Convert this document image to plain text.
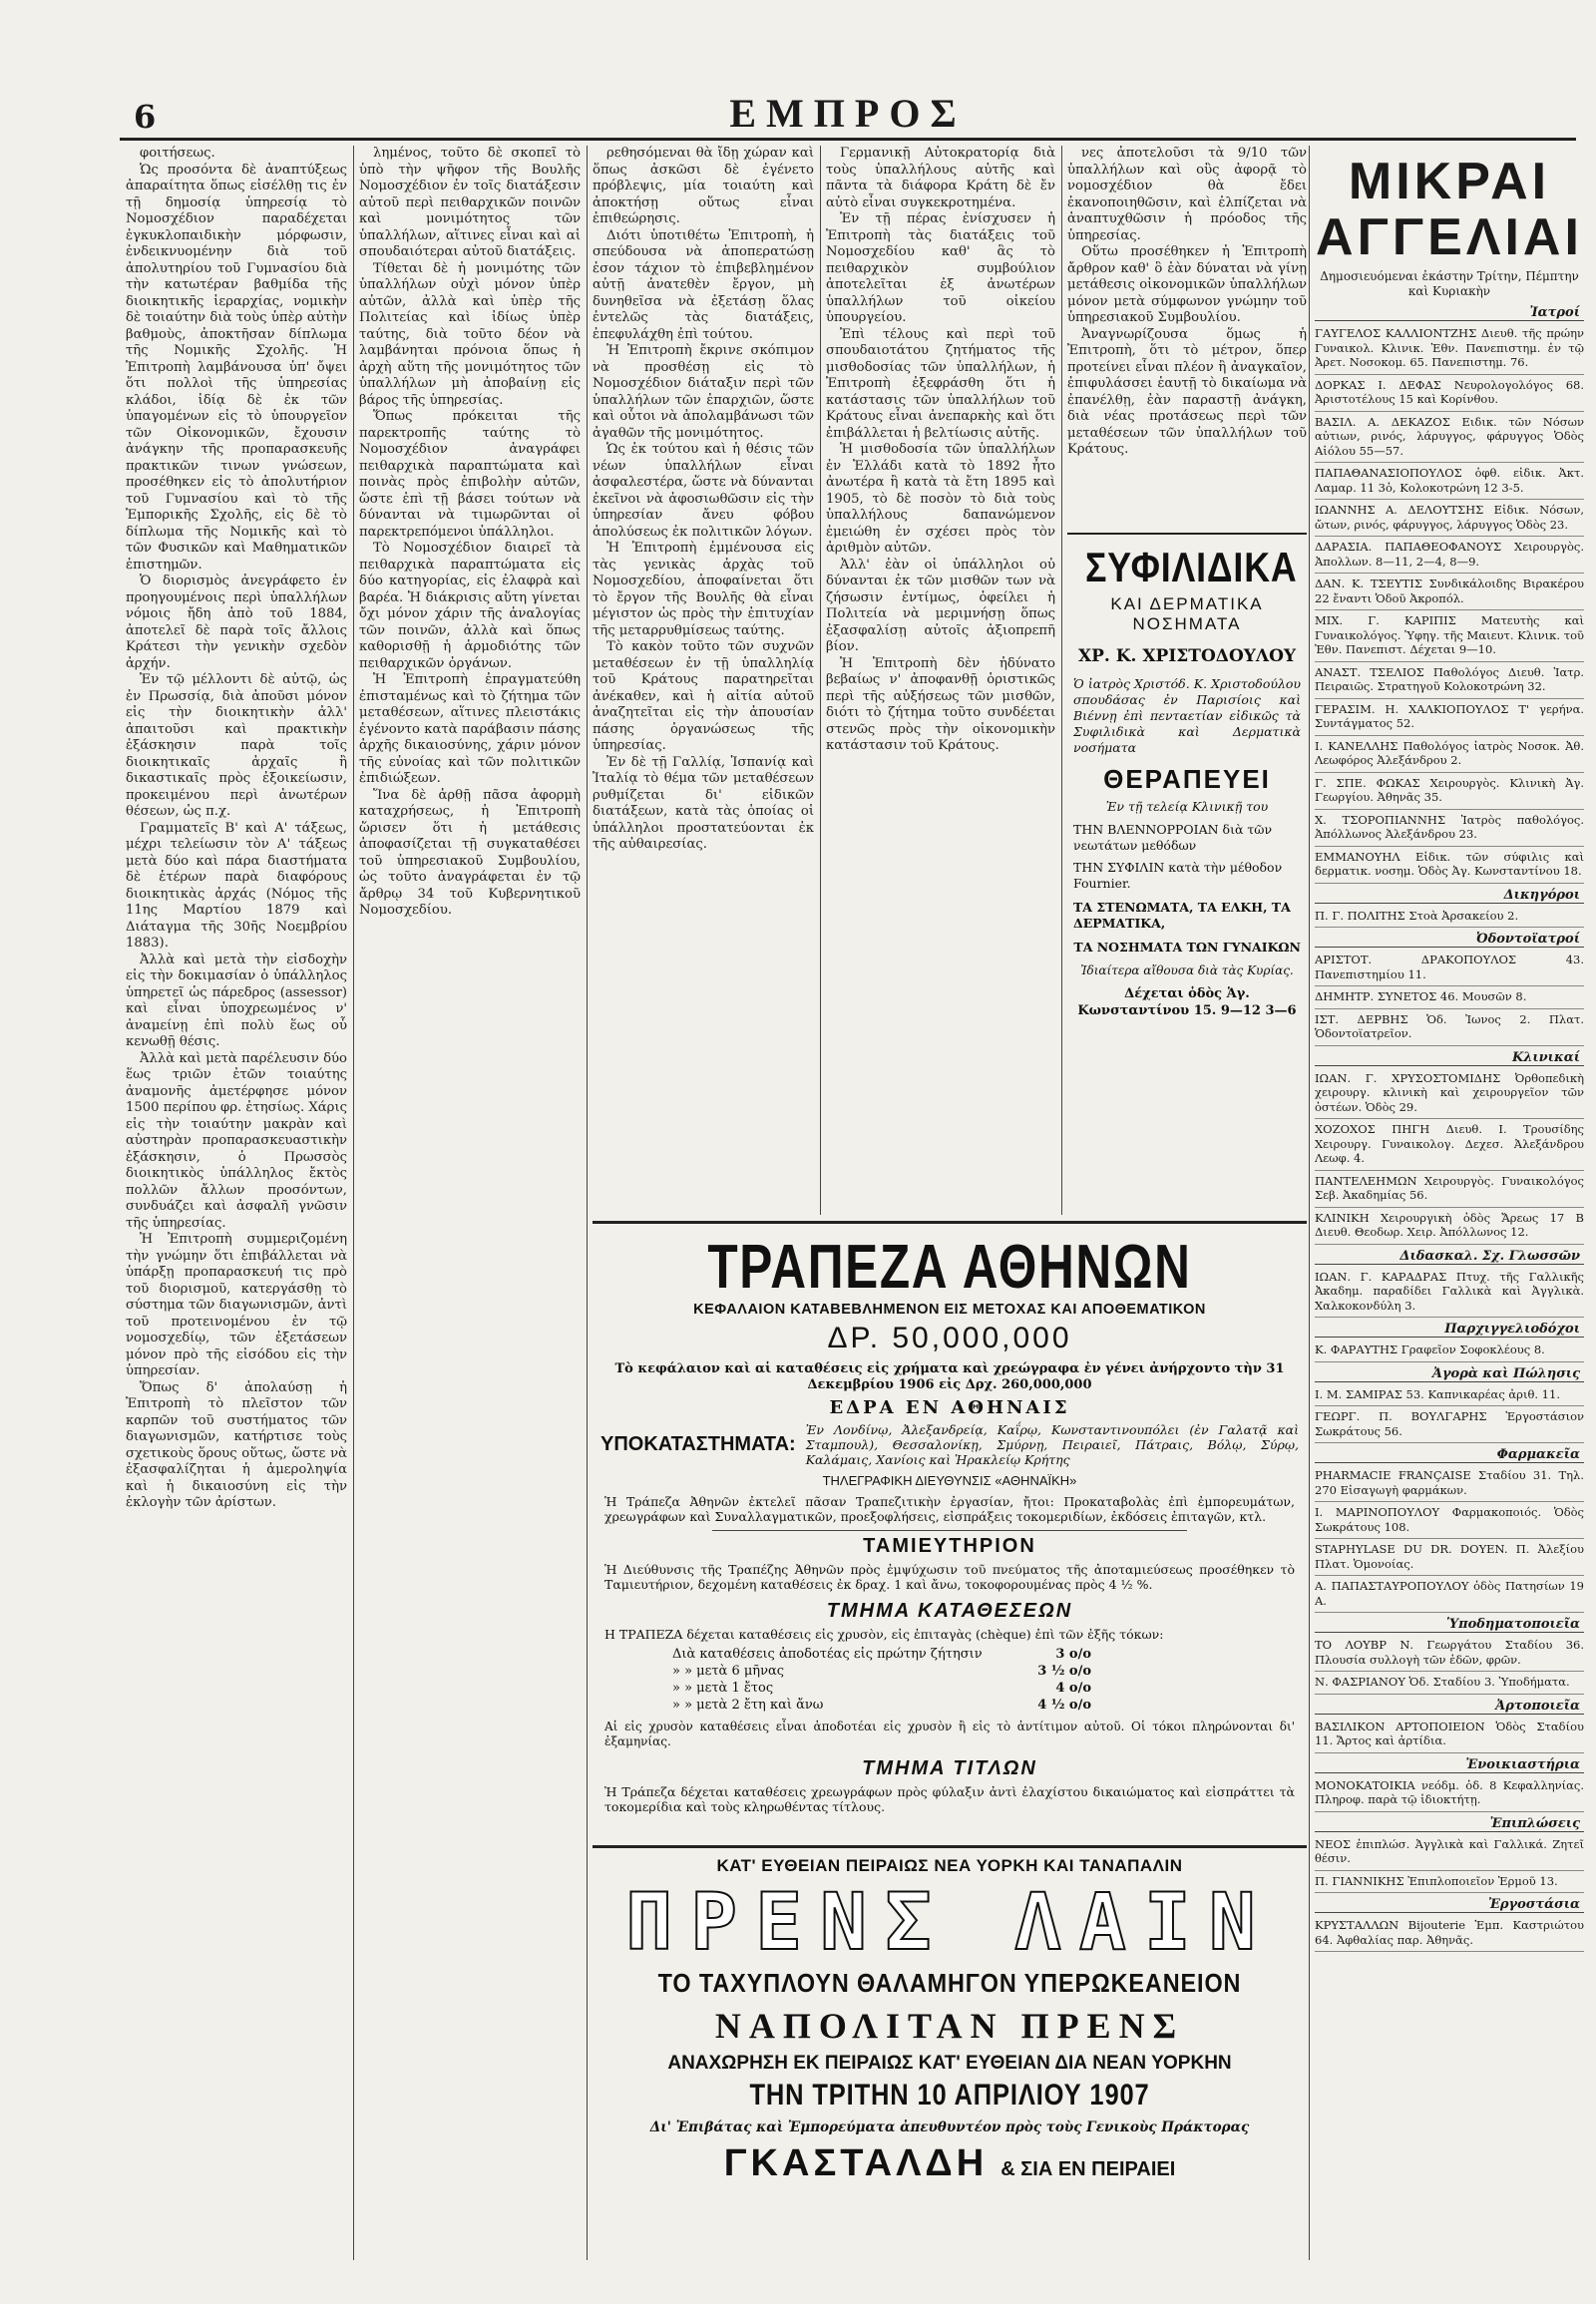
6	ΕΜΠΡΟΣ

φοιτήσεως.

Ὡς προσόντα δὲ ἀναπτύξεως ἀπαραίτητα ὅπως εἰσέλθῃ τις ἐν τῇ δημοσίᾳ ὑπηρεσίᾳ τὸ Νομοσχέδιον παραδέχεται ἐγκυκλοπαιδικὴν μόρφωσιν, ἐνδεικνυομένην διὰ τοῦ ἀπολυτηρίου τοῦ Γυμνασίου διὰ τὴν κατωτέραν βαθμίδα τῆς διοικητικῆς ἱεραρχίας, νομικὴν δὲ τοιαύτην διὰ τοὺς ὑπὲρ αὐτὴν βαθμοὺς, ἀποκτῆσαν δίπλωμα τῆς Νομικῆς Σχολῆς. Ἡ Ἐπιτροπὴ λαμβάνουσα ὑπ' ὄψει ὅτι πολλοὶ τῆς ὑπηρεσίας κλάδοι, ἰδίᾳ δὲ ἐκ τῶν ὑπαγομένων εἰς τὸ ὑπουργεῖον τῶν Οἰκονομικῶν, ἔχουσιν ἀνάγκην τῆς προπαρασκευῆς πρακτικῶν τινων γνώσεων, προσέθηκεν εἰς τὸ ἀπολυτήριον τοῦ Γυμνασίου καὶ τὸ τῆς Ἐμπορικῆς Σχολῆς, εἰς δὲ τὸ δίπλωμα τῆς Νομικῆς καὶ τὸ τῶν Φυσικῶν καὶ Μαθηματικῶν ἐπιστημῶν.

Ὁ διορισμὸς ἀνεγράφετο ἐν προηγουμένοις περὶ ὑπαλλήλων νόμοις ἤδη ἀπὸ τοῦ 1884, ἀποτελεῖ δὲ παρὰ τοῖς ἄλλοις Κράτεσι τὴν γενικὴν σχεδὸν ἀρχήν.

Ἐν τῷ μέλλοντι δὲ αὐτῷ, ὡς ἐν Πρωσσίᾳ, διὰ ἀποῦσι μόνον εἰς τὴν διοικητικὴν ἀλλ' ἀπαιτοῦσι καὶ πρακτικὴν ἐξάσκησιν παρὰ τοῖς διοικητικαῖς ἀρχαῖς ἢ δικαστικαῖς πρὸς ἐξοικείωσιν, προκειμένου περὶ ἀνωτέρων θέσεων, ὡς π.χ.

Γραμματεῖς Β' καὶ Α' τάξεως, μέχρι τελείωσιν τὸν Α' τάξεως μετὰ δύο καὶ πάρα διαστήματα δὲ ἑτέρων παρὰ διαφόρους διοικητικὰς ἀρχάς (Νόμος τῆς 11ης Μαρτίου 1879 καὶ Διάταγμα τῆς 30ῆς Νοεμβρίου 1883).

Ἀλλὰ καὶ μετὰ τὴν εἰσδοχὴν εἰς τὴν δοκιμασίαν ὁ ὑπάλληλος ὑπηρετεῖ ὡς πάρεδρος (assessor) καὶ εἶναι ὑποχρεωμένος ν' ἀναμείνῃ ἐπὶ πολὺ ἕως οὗ κενωθῇ θέσις.

Ἀλλὰ καὶ μετὰ παρέλευσιν δύο ἕως τριῶν ἐτῶν τοιαύτης ἀναμονῆς ἀμετέρφησε μόνον 1500 περίπου φρ. ἐτησίως. Χάρις εἰς τὴν τοιαύτην μακρὰν καὶ αὐστηρὰν προπαρασκευαστικὴν ἐξάσκησιν, ὁ Πρωσσὸς διοικητικὸς ὑπάλληλος ἔκτὸς πολλῶν ἄλλων προσόντων, συνδυάζει καὶ ἀσφαλῆ γνῶσιν τῆς ὑπηρεσίας.

Ἡ Ἐπιτροπὴ συμμεριζομένη τὴν γνώμην ὅτι ἐπιβάλλεται νὰ ὑπάρξῃ προπαρασκευή τις πρὸ τοῦ διορισμοῦ, κατεργάσθῃ τὸ σύστημα τῶν διαγωνισμῶν, ἀντὶ τοῦ προτεινομένου ἐν τῷ νομοσχεδίῳ, τῶν ἐξετάσεων μόνον πρὸ τῆς εἰσόδου εἰς τὴν ὑπηρεσίαν.

Ὅπως δ' ἀπολαύσῃ ἡ Ἐπιτροπὴ τὸ πλεῖστον τῶν καρπῶν τοῦ συστήματος τῶν διαγωνισμῶν, κατήρτισε τοὺς σχετικοὺς ὅρους οὕτως, ὥστε νὰ ἐξασφαλίζηται ἡ ἀμεροληψία καὶ ἡ δικαιοσύνη εἰς τὴν ἐκλογὴν τῶν ἀρίστων.

λημένος, τοῦτο δὲ σκοπεῖ τὸ ὑπὸ τὴν ψῆφον τῆς Βουλῆς Νομοσχέδιον ἐν τοῖς διατάξεσιν αὐτοῦ περὶ πειθαρχικῶν ποινῶν καὶ μονιμότητος τῶν ὑπαλλήλων, αἵτινες εἶναι καὶ αἱ σπουδαιότεραι αὐτοῦ διατάξεις.

Τίθεται δὲ ἡ μονιμότης τῶν ὑπαλλήλων οὐχὶ μόνον ὑπὲρ αὐτῶν, ἀλλὰ καὶ ὑπὲρ τῆς Πολιτείας καὶ ἰδίως ὑπὲρ ταύτης, διὰ τοῦτο δέον νὰ λαμβάνηται πρόνοια ὅπως ἡ ἀρχὴ αὕτη τῆς μονιμότητος τῶν ὑπαλλήλων μὴ ἀποβαίνῃ εἰς βάρος τῆς ὑπηρεσίας.

Ὅπως πρόκειται τῆς παρεκτροπῆς ταύτης τὸ Νομοσχέδιον ἀναγράφει πειθαρχικὰ παραπτώματα καὶ ποινὰς πρὸς ἐπιβολὴν αὐτῶν, ὥστε ἐπὶ τῇ βάσει τούτων νὰ δύνανται νὰ τιμωρῶνται οἱ παρεκτρεπόμενοι ὑπάλληλοι.

Τὸ Νομοσχέδιον διαιρεῖ τὰ πειθαρχικὰ παραπτώματα εἰς δύο κατηγορίας, εἰς ἐλαφρὰ καὶ βαρέα. Ἡ διάκρισις αὕτη γίνεται ὄχι μόνον χάριν τῆς ἀναλογίας τῶν ποινῶν, ἀλλὰ καὶ ὅπως καθορισθῇ ἡ ἁρμοδιότης τῶν πειθαρχικῶν ὀργάνων.

Ἡ Ἐπιτροπὴ ἐπραγματεύθη ἐπισταμένως καὶ τὸ ζήτημα τῶν μεταθέσεων, αἵτινες πλειστάκις ἐγένοντο κατὰ παράβασιν πάσης ἀρχῆς δικαιοσύνης, χάριν μόνον τῆς εὐνοίας καὶ τῶν πολιτικῶν ἐπιδιώξεων.

Ἵνα δὲ ἀρθῇ πᾶσα ἀφορμὴ καταχρήσεως, ἡ Ἐπιτροπὴ ὥρισεν ὅτι ἡ μετάθεσις ἀποφασίζεται τῇ συγκαταθέσει τοῦ ὑπηρεσιακοῦ Συμβουλίου, ὡς τοῦτο ἀναγράφεται ἐν τῷ ἄρθρῳ 34 τοῦ Κυβερνητικοῦ Νομοσχεδίου.

ρεθησόμεναι θὰ ἴδῃ χώραν καὶ ὅπως ἀσκῶσι δὲ ἐγένετο πρόβλεψις, μία τοιαύτη καὶ ἀποκτήσῃ οὕτως εἶναι ἐπιθεώρησις.

Διότι ὑποτιθέτω Ἐπιτροπὴ, ἡ σπεύδουσα νὰ ἀποπερατώσῃ ἐσον τάχιον τὸ ἐπιβεβλημένον αὐτῇ ἀνατεθὲν ἔργον, μὴ δυνηθεῖσα νὰ ἐξετάσῃ ὅλας ἐντελῶς τὰς διατάξεις, ἐπεφυλάχθη ἐπὶ τούτου.

Ἡ Ἐπιτροπὴ ἔκρινε σκόπιμον νὰ προσθέσῃ εἰς τὸ Νομοσχέδιον διάταξιν περὶ τῶν ὑπαλλήλων τῶν ἐπαρχιῶν, ὥστε καὶ οὗτοι νὰ ἀπολαμβάνωσι τῶν ἀγαθῶν τῆς μονιμότητος.

Ὡς ἐκ τούτου καὶ ἡ θέσις τῶν νέων ὑπαλλήλων εἶναι ἀσφαλεστέρα, ὥστε νὰ δύνανται ἐκεῖνοι νὰ ἀφοσιωθῶσιν εἰς τὴν ὑπηρεσίαν ἄνευ φόβου ἀπολύσεως ἐκ πολιτικῶν λόγων.

Ἡ Ἐπιτροπὴ ἐμμένουσα εἰς τὰς γενικὰς ἀρχὰς τοῦ Νομοσχεδίου, ἀποφαίνεται ὅτι τὸ ἔργον τῆς Βουλῆς θὰ εἶναι μέγιστον ὡς πρὸς τὴν ἐπιτυχίαν τῆς μεταρρυθμίσεως ταύτης.

Τὸ κακὸν τοῦτο τῶν συχνῶν μεταθέσεων ἐν τῇ ὑπαλληλίᾳ τοῦ Κράτους παρατηρεῖται ἀνέκαθεν, καὶ ἡ αἰτία αὐτοῦ ἀναζητεῖται εἰς τὴν ἀπουσίαν πάσης ὀργανώσεως τῆς ὑπηρεσίας.

Ἐν δὲ τῇ Γαλλίᾳ, Ἰσπανίᾳ καὶ Ἰταλίᾳ τὸ θέμα τῶν μεταθέσεων ρυθμίζεται δι' εἰδικῶν διατάξεων, κατὰ τὰς ὁποίας οἱ ὑπάλληλοι προστατεύονται ἐκ τῆς αὐθαιρεσίας.

Γερμανικῇ Αὐτοκρατορίᾳ διὰ τοὺς ὑπαλλήλους αὐτῆς καὶ πᾶντα τὰ διάφορα Κράτη δὲ ἔν αὐτὸ εἶναι συγκεκροτημένα.

Ἐν τῇ πέρας ἐνίσχυσεν ἡ Ἐπιτροπὴ τὰς διατάξεις τοῦ Νομοσχεδίου καθ' ἃς τὸ πειθαρχικὸν συμβούλιον ἀποτελεῖται ἐξ ἀνωτέρων ὑπαλλήλων τοῦ οἰκείου ὑπουργείου.

Ἐπὶ τέλους καὶ περὶ τοῦ σπουδαιοτάτου ζητήματος τῆς μισθοδοσίας τῶν ὑπαλλήλων, ἡ Ἐπιτροπὴ ἐξεφράσθη ὅτι ἡ κατάστασις τῶν ὑπαλλήλων τοῦ Κράτους εἶναι ἀνεπαρκὴς καὶ ὅτι ἐπιβάλλεται ἡ βελτίωσις αὐτῆς.

Ἡ μισθοδοσία τῶν ὑπαλλήλων ἐν Ἑλλάδι κατὰ τὸ 1892 ἦτο ἀνωτέρα ἢ κατὰ τὰ ἔτη 1895 καὶ 1905, τὸ δὲ ποσὸν τὸ διὰ τοὺς ὑπαλλήλους δαπανώμενον ἐμειώθη ἐν σχέσει πρὸς τὸν ἀριθμὸν αὐτῶν.

Ἀλλ' ἐὰν οἱ ὑπάλληλοι οὐ δύνανται ἐκ τῶν μισθῶν των νὰ ζήσωσιν ἐντίμως, ὀφείλει ἡ Πολιτεία νὰ μεριμνήσῃ ὅπως ἐξασφαλίσῃ αὐτοῖς ἀξιοπρεπῆ βίον.

Ἡ Ἐπιτροπὴ δὲν ἠδύνατο βεβαίως ν' ἀποφανθῇ ὁριστικῶς περὶ τῆς αὐξήσεως τῶν μισθῶν, διότι τὸ ζήτημα τοῦτο συνδέεται στενῶς πρὸς τὴν οἰκονομικὴν κατάστασιν τοῦ Κράτους.

νες ἀποτελοῦσι τὰ 9/10 τῶν ὑπαλλήλων καὶ οὓς ἀφορᾷ τὸ νομοσχέδιον θὰ ἔδει ἐκανοποιηθῶσιν, καὶ ἐλπίζεται νὰ ἀναπτυχθῶσιν ἡ πρόοδος τῆς ὑπηρεσίας.

Οὕτω προσέθηκεν ἡ Ἐπιτροπὴ ἄρθρον καθ' ὃ ἐὰν δύναται νὰ γίνῃ μετάθεσις οἰκονομικῶν ὑπαλλήλων μόνον μετὰ σύμφωνον γνώμην τοῦ ὑπηρεσιακοῦ Συμβουλίου.

Ἀναγνωρίζουσα ὅμως ἡ Ἐπιτροπὴ, ὅτι τὸ μέτρον, ὅπερ προτείνει εἶναι πλέον ἢ ἀναγκαῖον, ἐπιφυλάσσει ἑαυτῇ τὸ δικαίωμα νὰ ἐπανέλθῃ, ἐὰν παραστῇ ἀνάγκη, διὰ νέας προτάσεως περὶ τῶν μεταθέσεων τῶν ὑπαλλήλων τοῦ Κράτους.

ΣΥΦΙΛΙΔΙΚΑ
ΚΑΙ ΔΕΡΜΑΤΙΚΑ ΝΟΣΗΜΑΤΑ
ΧΡ. Κ. ΧΡΙΣΤΟΔΟΥΛΟΥ
Ὁ ἰατρὸς Χριστόδ. Κ. Χριστοδούλου σπουδάσας ἐν Παρισίοις καὶ Βιέννῃ ἐπὶ πενταετίαν εἰδικῶς τὰ Συφιλιδικὰ καὶ Δερματικὰ νοσήματα
ΘΕΡΑΠΕΥΕΙ
Ἐν τῇ τελείᾳ Κλινικῇ του
ΤΗΝ ΒΛΕΝΝΟΡΡΟΙΑΝ διὰ τῶν νεωτάτων μεθόδων
ΤΗΝ ΣΥΦΙΛΙΝ κατὰ τὴν μέθοδον Fournier.
ΤΑ ΣΤΕΝΩΜΑΤΑ, ΤΑ ΕΛΚΗ, ΤΑ ΔΕΡΜΑΤΙΚΑ,
ΤΑ ΝΟΣΗΜΑΤΑ ΤΩΝ ΓΥΝΑΙΚΩΝ
Ἰδιαίτερα αἴθουσα διὰ τὰς Κυρίας.
Δέχεται ὁδὸς Ἁγ. Κωνσταντίνου 15. 9—12 3—6
ΤΡΑΠΕΖΑ ΑΘΗΝΩΝ
ΚΕΦΑΛΑΙΟΝ ΚΑΤΑΒΕΒΛΗΜΕΝΟΝ ΕΙΣ ΜΕΤΟΧΑΣ ΚΑΙ ΑΠΟΘΕΜΑΤΙΚΟΝ
ΔΡ. 50,000,000
Τὸ κεφάλαιον καὶ αἱ καταθέσεις εἰς χρήματα καὶ χρεώγραφα ἐν γένει ἀνήρχοντο τὴν 31 Δεκεμβρίου 1906 εἰς Δρχ. 260,000,000
ΕΔΡΑ ΕΝ ΑΘΗΝΑΙΣ
ΥΠΟΚΑΤΑΣΤΗΜΑΤΑ:
Ἐν Λονδίνῳ, Ἀλεξανδρείᾳ, Καΐρῳ, Κωνσταντινουπόλει (ἐν Γαλατᾷ καὶ Σταμπουλ), Θεσσαλονίκῃ, Σμύρνῃ, Πειραιεῖ, Πάτραις, Βόλῳ, Σύρῳ, Καλάμαις, Χανίοις καὶ Ἡρακλείῳ Κρήτης
ΤΗΛΕΓΡΑΦΙΚΗ ΔΙΕΥΘΥΝΣΙΣ «ΑΘΗΝΑΪΚΗ»
Ἡ Τράπεζα Ἀθηνῶν ἐκτελεῖ πᾶσαν Τραπεζιτικὴν ἐργασίαν, ἤτοι: Προκαταβολὰς ἐπὶ ἐμπορευμάτων, χρεωγράφων καὶ Συναλλαγματικῶν, προεξοφλήσεις, εἰσπράξεις τοκομεριδίων, ἐκδόσεις ἐπιταγῶν, κτλ.
ΤΑΜΙΕΥΤΗΡΙΟΝ
Ἡ Διεύθυνσις τῆς Τραπέζης Ἀθηνῶν πρὸς ἐμψύχωσιν τοῦ πνεύματος τῆς ἀποταμιεύσεως προσέθηκεν τὸ Ταμιευτήριον, δεχομένη καταθέσεις ἐκ δραχ. 1 καὶ ἄνω, τοκοφορουμένας πρὸς 4 ½ %.
ΤΜΗΜΑ ΚΑΤΑΘΕΣΕΩΝ
Η ΤΡΑΠΕΖΑ δέχεται καταθέσεις εἰς χρυσὸν, εἰς ἐπιταγὰς (chèque) ἐπὶ τῶν ἐξῆς τόκων:
Διὰ καταθέσεις ἀποδοτέας εἰς πρώτην ζήτησιν	3 ο/ο
» » μετὰ 6 μῆνας	3 ½ ο/ο
» » μετὰ 1 ἔτος	4 ο/ο
» » μετὰ 2 ἔτη καὶ ἄνω	4 ½ ο/ο
Αἱ εἰς χρυσὸν καταθέσεις εἶναι ἀποδοτέαι εἰς χρυσὸν ἢ εἰς τὸ ἀντίτιμον αὐτοῦ. Οἱ τόκοι πληρώνονται δι' ἐξαμηνίας.
ΤΜΗΜΑ ΤΙΤΛΩΝ
Ἡ Τράπεζα δέχεται καταθέσεις χρεωγράφων πρὸς φύλαξιν ἀντὶ ἐλαχίστου δικαιώματος καὶ εἰσπράττει τὰ τοκομερίδια καὶ τοὺς κληρωθέντας τίτλους.
ΚΑΤ' ΕΥΘΕΙΑΝ ΠΕΙΡΑΙΩΣ ΝΕΑ ΥΟΡΚΗ ΚΑΙ ΤΑΝΑΠΑΛΙΝ
ΠΡΕΝΣ ΛΑΙΝ
ΤΟ ΤΑΧΥΠΛΟΥΝ ΘΑΛΑΜΗΓΟΝ ΥΠΕΡΩΚΕΑΝΕΙΟΝ
ΝΑΠΟΛΙΤΑΝ ΠΡΕΝΣ
ΑΝΑΧΩΡΗΣΗ ΕΚ ΠΕΙΡΑΙΩΣ ΚΑΤ' ΕΥΘΕΙΑΝ ΔΙΑ ΝΕΑΝ ΥΟΡΚΗΝ
ΤΗΝ ΤΡΙΤΗΝ 10 ΑΠΡΙΛΙΟΥ 1907
Δι' Ἐπιβάτας καὶ Ἐμπορεύματα ἀπευθυντέον πρὸς τοὺς Γενικοὺς Πράκτορας
ΓΚΑΣΤΑΛΔΗ & ΣΙΑ ΕΝ ΠΕΙΡΑΙΕΙ
ΜΙΚΡΑΙ ΑΓΓΕΛΙΑΙ
Δημοσιευόμεναι ἐκάστην Τρίτην, Πέμπτην καὶ Κυριακὴν
Ἰατροί
ΓΑΥΓΕΛΟΣ ΚΑΛΛΙΟΝΤΖΗΣ Διευθ. τῆς πρώην Γυναικολ. Κλινικ. Ἐθν. Πανεπιστημ. ἐν τῷ Ἀρετ. Νοσοκομ. 65. Πανεπιστημ. 76.
ΔΟΡΚΑΣ Ι. ΔΕΦΑΣ Νευρολογολόγος 68. Ἀριστοτέλους 15 καὶ Κορίνθου.
ΒΑΣΙΛ. Α. ΔΕΚΑΖΟΣ Ειδικ. τῶν Νόσων αὐτιων, ρινός, λάρυγγος, φάρυγγος Ὁδὸς Αἰόλου 55—57.
ΠΑΠΑΘΑΝΑΣΙΟΠΟΥΛΟΣ ὀφθ. εἰδικ. Ἀκτ. Λαμαρ. 11 3ὁ, Κολοκοτρώνη 12 3-5.
ΙΩΑΝΝΗΣ Α. ΔΕΛΟΥΤΣΗΣ Εἰδικ. Νόσων, ὤτων, ρινός, φάρυγγος, λάρυγγος Ὁδὸς 23.
ΔΑΡΑΣΙΑ. ΠΑΠΑΘΕΟΦΑΝΟΥΣ Χειρουργὸς. Ἀπολλων. 8—11, 2—4, 8—9.
ΔΑΝ. Κ. ΤΣΕΥΤΙΣ Συνδικάλοιδης Βιρακέρου 22 ἔναντι Ὁδοῦ Ἀκροπόλ.
ΜΙΧ. Γ. ΚΑΡΙΠΙΣ Ματευτὴς καὶ Γυναικολόγος. Ὑφηγ. τῆς Μαιευτ. Κλινικ. τοῦ Ἐθν. Πανεπιστ. Δέχεται 9—10.
ΑΝΑΣΤ. ΤΣΕΛΙΟΣ Παθολόγος Διευθ. Ἰατρ. Πειραιῶς. Στρατηγοῦ Κολοκοτρώνη 32.
ΓΕΡΑΣΙΜ. Η. ΧΑΛΚΙΟΠΟΥΛΟΣ Τ' γερήνα. Συντάγματος 52.
Ι. ΚΑΝΕΛΛΗΣ Παθολόγος ἰατρὸς Νοσοκ. Ἀθ. Λεωφόρος Ἀλεξάνδρου 2.
Γ. ΣΠΕ. ΦΩΚΑΣ Χειρουργὸς. Κλινικὴ Ἀγ. Γεωργίου. Ἀθηνᾶς 35.
Χ. ΤΣΟΡΟΠΙΑΝΝΗΣ Ἰατρὸς παθολόγος. Ἀπόλλωνος Ἀλεξάνδρου 23.
ΕΜΜΑΝΟΥΗΛ Εἰδικ. τῶν σύφιλις καὶ δερματικ. νοσημ. Ὁδὸς Ἀγ. Κωνσταντίνου 18.
Δικηγόροι
Π. Γ. ΠΟΛΙΤΗΣ Στοὰ Ἀρσακείου 2.
Ὀδοντοϊατροί
ΑΡΙΣΤΟΤ. ΔΡΑΚΟΠΟΥΛΟΣ 43. Πανεπιστημίου 11.
ΔΗΜΗΤΡ. ΣΥΝΕΤΟΣ 46. Μουσῶν 8.
ΙΣΤ. ΔΕΡΒΗΣ Ὁδ. Ἰωνος 2. Πλατ. Ὁδοντοϊατρεῖον.
Κλινικαί
ΙΩΑΝ. Γ. ΧΡΥΣΟΣΤΟΜΙΔΗΣ Ὀρθοπεδικὴ χειρουργ. κλινικὴ καὶ χειρουργεῖον τῶν ὀστέων. Ὁδὸς 29.
ΧΟΖΟΧΟΣ ΠΗΓΗ Διευθ. Ι. Τρουσίδης Χειρουργ. Γυναικολογ. Δεχεσ. Ἀλεξάνδρου Λεωφ. 4.
ΠΑΝΤΕΛΕΗΜΩΝ Χειρουργὸς. Γυναικολόγος Σεβ. Ἀκαδημίας 56.
ΚΛΙΝΙΚΗ Χειρουργικὴ ὁδὸς Ἄρεως 17 Β Διευθ. Θεοδωρ. Χειρ. Ἀπόλλωνος 12.
Διδασκαλ. Σχ. Γλωσσῶν
ΙΩΑΝ. Γ. ΚΑΡΑΔΡΑΣ Πτυχ. τῆς Γαλλικῆς Ἀκαδημ. παραδίδει Γαλλικὰ καὶ Ἀγγλικὰ. Χαλκοκονδύλη 3.
Παρχιγγελιοδόχοι
Κ. ΦΑΡΑΥΤΗΣ Γραφεῖον Σοφοκλέους 8.
Ἀγορὰ καὶ Πώλησις
Ι. Μ. ΣΑΜΙΡΑΣ 53. Καπνικαρέας ἀριθ. 11.
ΓΕΩΡΓ. Π. ΒΟΥΛΓΑΡΗΣ Ἐργοστάσιον Σωκράτους 56.
Φαρμακεῖα
PHARMACIE FRANÇAISE Σταδίου 31. Τηλ. 270 Εἰσαγωγὴ φαρμάκων.
Ι. ΜΑΡΙΝΟΠΟΥΛΟΥ Φαρμακοποιός. Ὁδὸς Σωκράτους 108.
STAPHYLASE DU DR. DOYEN. Π. Ἀλεξίου Πλατ. Ὁμονοίας.
Α. ΠΑΠΑΣΤΑΥΡΟΠΟΥΛΟΥ ὁδὸς Πατησίων 19 Α.
Ὑποδηματοποιεῖα
ΤΟ ΛΟΥΒΡ Ν. Γεωργάτου Σταδίου 36. Πλουσία συλλογὴ τῶν ἐδῶν, φρῶν.
Ν. ΦΑΣΡΙΑΝΟΥ Ὁδ. Σταδίου 3. Ὑποδήματα.
Ἀρτοποιεῖα
ΒΑΣΙΛΙΚΟΝ ΑΡΤΟΠΟΙΕΙΟΝ Ὁδὸς Σταδίου 11. Ἄρτος καὶ ἀρτίδια.
Ἐνοικιαστήρια
ΜΟΝΟΚΑΤΟΙΚΙΑ νεόδμ. ὁδ. 8 Κεφαλληνίας. Πληροφ. παρὰ τῷ ἰδιοκτήτῃ.
Ἐπιπλώσεις
ΝΕΟΣ ἐπιπλώσ. Ἀγγλικὰ καὶ Γαλλικά. Ζητεῖ θέσιν.
Π. ΓΙΑΝΝΙΚΗΣ Ἐπιπλοποιεῖον Ἑρμοῦ 13.
Ἐργοστάσια
ΚΡΥΣΤΑΛΛΩΝ Bijouterie Ἐμπ. Καστριώτου 64. Ἀφθαλίας παρ. Ἀθηνᾶς.
